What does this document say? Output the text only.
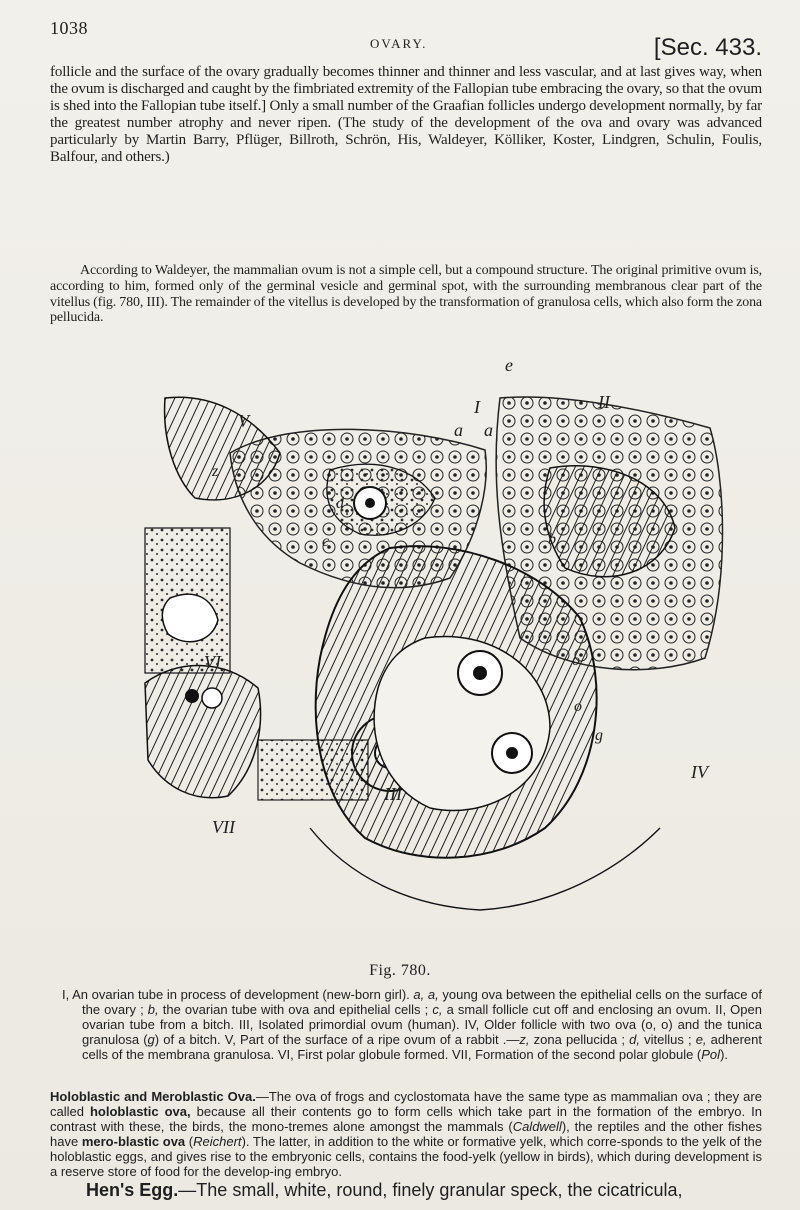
1038
OVARY.	[Sec. 433.
follicle and the surface of the ovary gradually becomes thinner and thinner and less vascular, and at last gives way, when the ovum is discharged and caught by the fimbriated extremity of the Fallopian tube embracing the ovary, so that the ovum is shed into the Fallopian tube itself.] Only a small number of the Graafian follicles undergo development normally, by far the greatest number atrophy and never ripen. (The study of the development of the ova and ovary was advanced particularly by Martin Barry, Pflüger, Billroth, Schrön, His, Waldeyer, Kölliker, Koster, Lindgren, Schulin, Foulis, Balfour, and others.)
According to Waldeyer, the mammalian ovum is not a simple cell, but a compound structure. The original primitive ovum is, according to him, formed only of the germinal vesicle and germinal spot, with the surrounding membranous clear part of the vitellus (fig. 780, III). The remainder of the vitellus is developed by the transformation of granulosa cells, which also form the zona pellucida.
e
I	II
a a
V
z
d
c	b
g
VI
VII
III
IV
o
o
Fig. 780.
I, An ovarian tube in process of development (new-born girl). a, a, young ova between the epithelial cells on the surface of the ovary ; b, the ovarian tube with ova and epithelial cells ; c, a small follicle cut off and enclosing an ovum. II, Open ovarian tube from a bitch. III, Isolated primordial ovum (human). IV, Older follicle with two ova (o, o) and the tunica granulosa (g) of a bitch. V, Part of the surface of a ripe ovum of a rabbit .—z, zona pellucida ; d, vitellus ; e, adherent cells of the membrana granulosa. VI, First polar globule formed. VII, Formation of the second polar globule (Pol).
Holoblastic and Meroblastic Ova.—The ova of frogs and cyclostomata have the same type as mammalian ova ; they are called holoblastic ova, because all their contents go to form cells which take part in the formation of the embryo. In contrast with these, the birds, the mono-tremes alone amongst the mammals (Caldwell), the reptiles and the other fishes have mero-blastic ova (Reichert). The latter, in addition to the white or formative yelk, which corre-sponds to the yelk of the holoblastic eggs, and gives rise to the embryonic cells, contains the food-yelk (yellow in birds), which during development is a reserve store of food for the develop-ing embryo.
Hen's Egg.—The small, white, round, finely granular speck, the cicatricula,
